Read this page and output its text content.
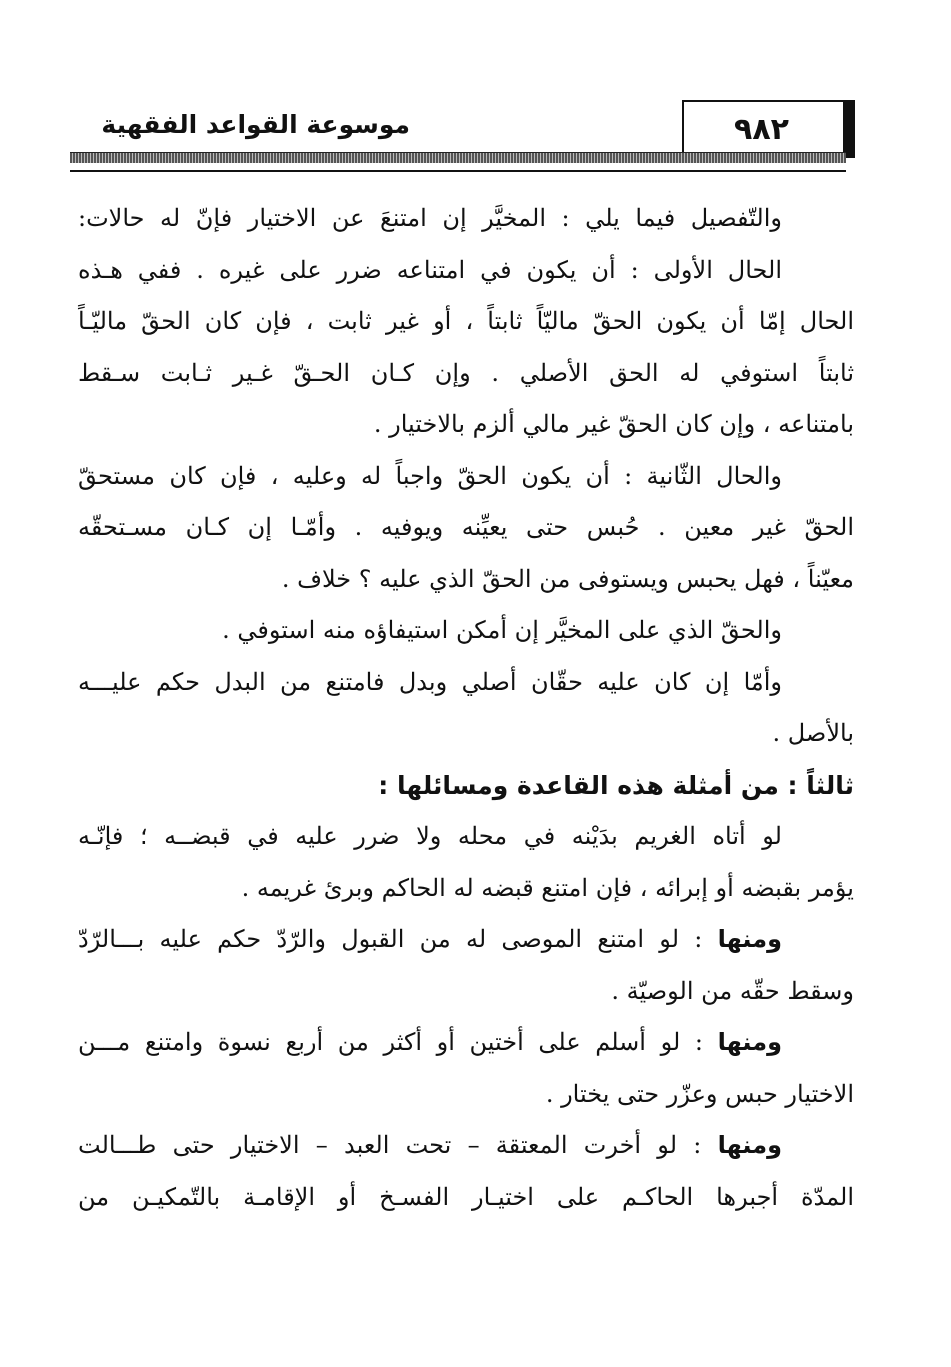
٩٨٢
موسوعة القواعد الفقهية
والتّفصيل فيما يلي : المخيَّر إن امتنعَ عن الاختيار فإنّ له حالات:
الحال الأولى : أن يكون في امتناعه ضرر على غيره . ففي هـذه
الحال إمّا أن يكون الحقّ ماليّاً ثابتاً ، أو غير ثابت ، فإن كان الحقّ ماليّـاً
ثابتاً استوفي له الحق الأصلي . وإن كـان الحـقّ غـير ثـابت سـقط
بامتناعه ، وإن كان الحقّ غير مالي ألزم بالاختيار .
والحال الثّانية : أن يكون الحقّ واجباً له وعليه ، فإن كان مستحقّ
الحقّ غير معين . حُبس حتى يعيِّنه ويوفيه . وأمّـا إن كـان مسـتحقّه
معيّناً ، فهل يحبس ويستوفى من الحقّ الذي عليه ؟ خلاف .
والحقّ الذي على المخيَّر إن أمكن استيفاؤه منه استوفي .
وأمّا إن كان عليه حقّان أصلي وبدل فامتنع من البدل حكم عليـــه
بالأصل .
ثالثاً : من أمثلة هذه القاعدة ومسائلها :
لو أتاه الغريم بدَيْنه في محله ولا ضرر عليه في قبضــه ؛ فإنّـه
يؤمر بقبضه أو إبرائه ، فإن امتنع قبضه له الحاكم وبرئ غريمه .
ومنها : لو امتنع الموصى له من القبول والرّدّ حكم عليه بـــالرّدّ
وسقط حقّه من الوصيّة .
ومنها : لو أسلم على أختين أو أكثر من أربع نسوة وامتنع مـــن
الاختيار حبس وعزّر حتى يختار .
ومنها : لو أخرت المعتقة – تحت العبد – الاختيار حتى طـــالت
المدّة أجبرها الحاكـم على اختيـار الفسـخ أو الإقامـة بالتّمكيـن من
